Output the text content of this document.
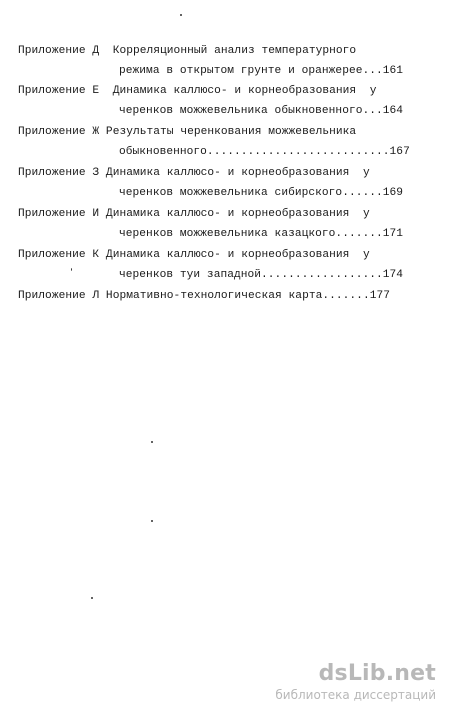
Приложение Д  Корреляционный анализ температурного
режима в открытом грунте и оранжерее...161
Приложение Е  Динамика каллюсо- и корнеобразования  у
черенков можжевельника обыкновенного...164
Приложение Ж Результаты черенкования можжевельника
обыкновенного...........................167
Приложение З Динамика каллюсо- и корнеобразования  у
черенков можжевельника сибирского......169
Приложение И Динамика каллюсо- и корнеобразования  у
черенков можжевельника казацкого.......171
Приложение К Динамика каллюсо- и корнеобразования  у
черенков туи западной..................174
Приложение Л Нормативно-технологическая карта.......177
dsLib.net
библиотека диссертаций
